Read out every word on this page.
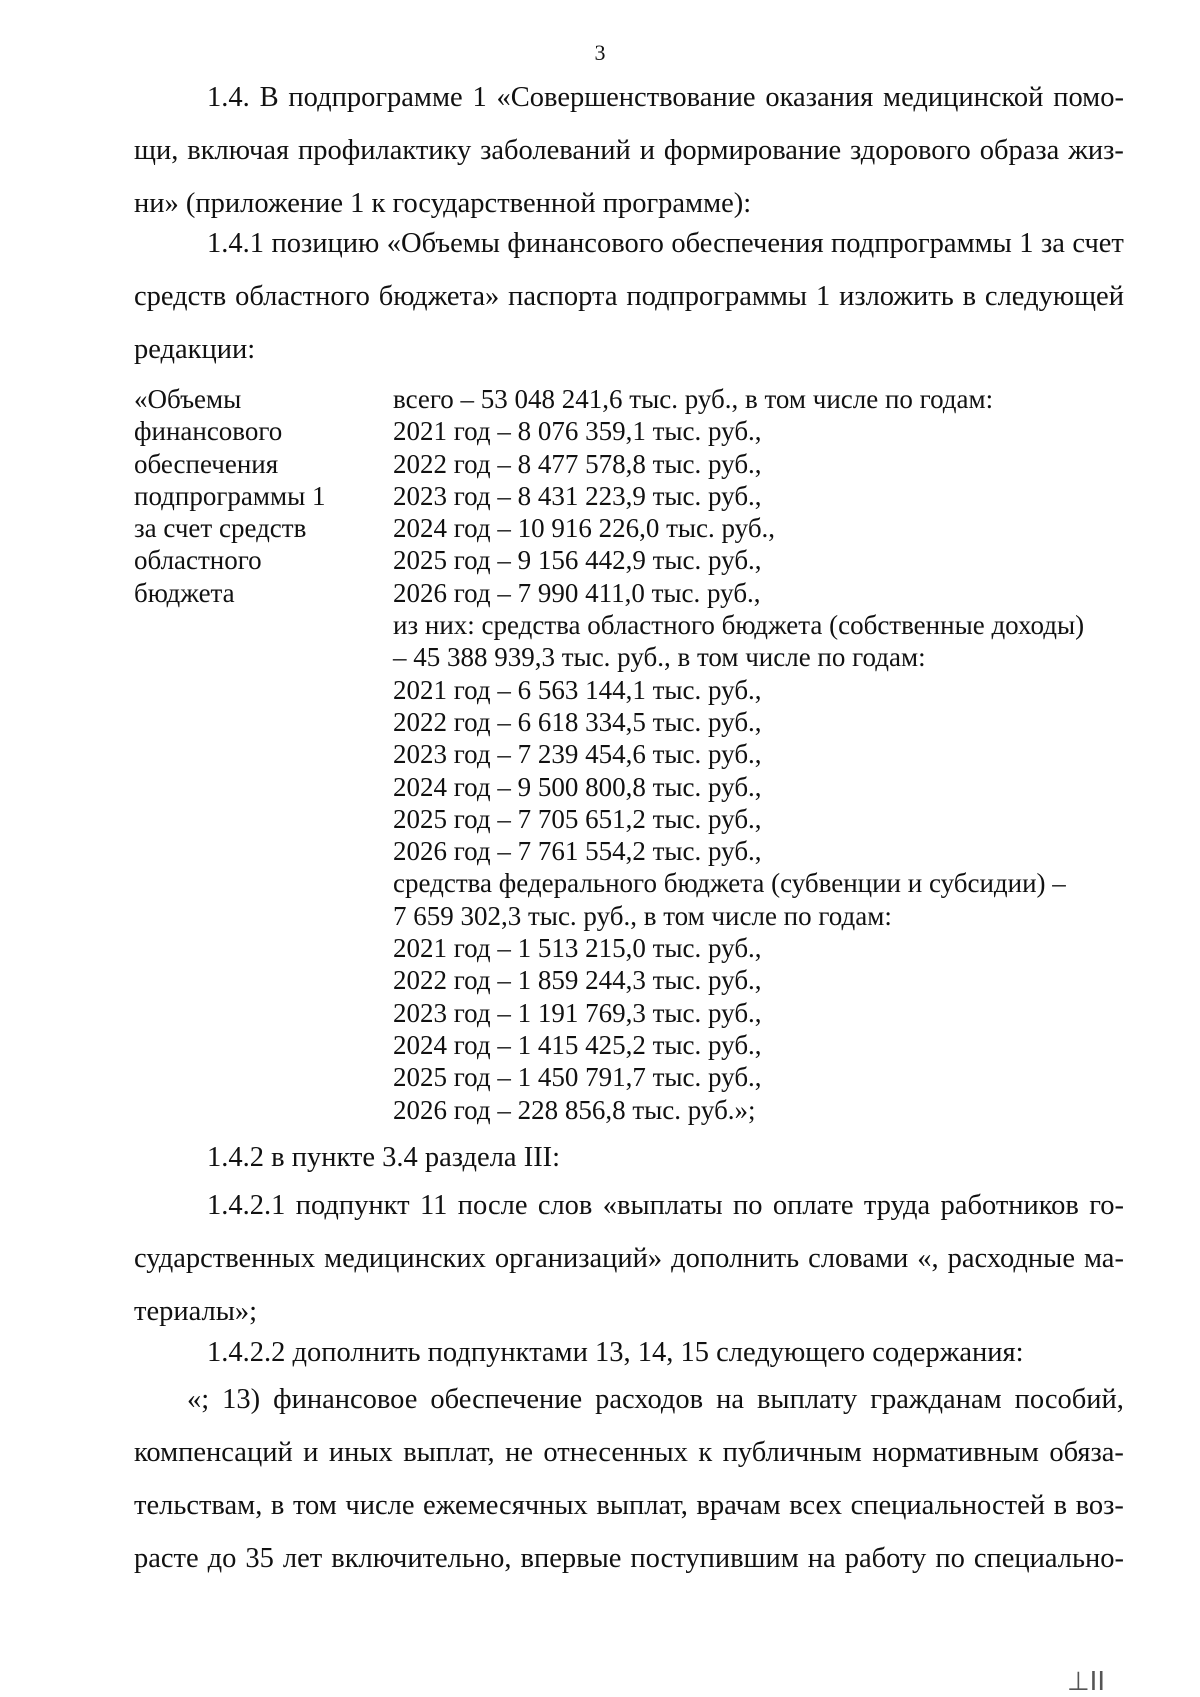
3
1.4. В подпрограмме 1 «Совершенствование оказания медицинской помо-
щи, включая профилактику заболеваний и формирование здорового образа жиз-
ни» (приложение 1 к государственной программе):
1.4.1 позицию «Объемы финансового обеспечения подпрограммы 1 за счет
средств областного бюджета» паспорта подпрограммы 1 изложить в следующей
редакции:
«Объемы
финансового
обеспечения
подпрограммы 1
за счет средств
областного
бюджета
всего – 53 048 241,6 тыс. руб., в том числе по годам:
2021 год – 8 076 359,1 тыс. руб.,
2022 год – 8 477 578,8 тыс. руб.,
2023 год – 8 431 223,9 тыс. руб.,
2024 год – 10 916 226,0 тыс. руб.,
2025 год – 9 156 442,9 тыс. руб.,
2026 год – 7 990 411,0 тыс. руб.,
из них: средства областного бюджета (собственные доходы)
– 45 388 939,3 тыс. руб., в том числе по годам:
2021 год – 6 563 144,1 тыс. руб.,
2022 год – 6 618 334,5 тыс. руб.,
2023 год – 7 239 454,6 тыс. руб.,
2024 год – 9 500 800,8 тыс. руб.,
2025 год – 7 705 651,2 тыс. руб.,
2026 год – 7 761 554,2 тыс. руб.,
средства федерального бюджета (субвенции и субсидии) –
7 659 302,3 тыс. руб., в том числе по годам:
2021 год – 1 513 215,0 тыс. руб.,
2022 год – 1 859 244,3 тыс. руб.,
2023 год – 1 191 769,3 тыс. руб.,
2024 год – 1 415 425,2 тыс. руб.,
2025 год – 1 450 791,7 тыс. руб.,
2026 год – 228 856,8 тыс. руб.»;
1.4.2 в пункте 3.4 раздела III:
1.4.2.1 подпункт 11 после слов «выплаты по оплате труда работников го-
сударственных медицинских организаций» дополнить словами «, расходные ма-
териалы»;
1.4.2.2 дополнить подпунктами 13, 14, 15 следующего содержания:
«; 13) финансовое обеспечение расходов на выплату гражданам пособий,
компенсаций и иных выплат, не отнесенных к публичным нормативным обяза-
тельствам, в том числе ежемесячных выплат, врачам всех специальностей в воз-
расте до 35 лет включительно, впервые поступившим на работу по специально-
⊥II
